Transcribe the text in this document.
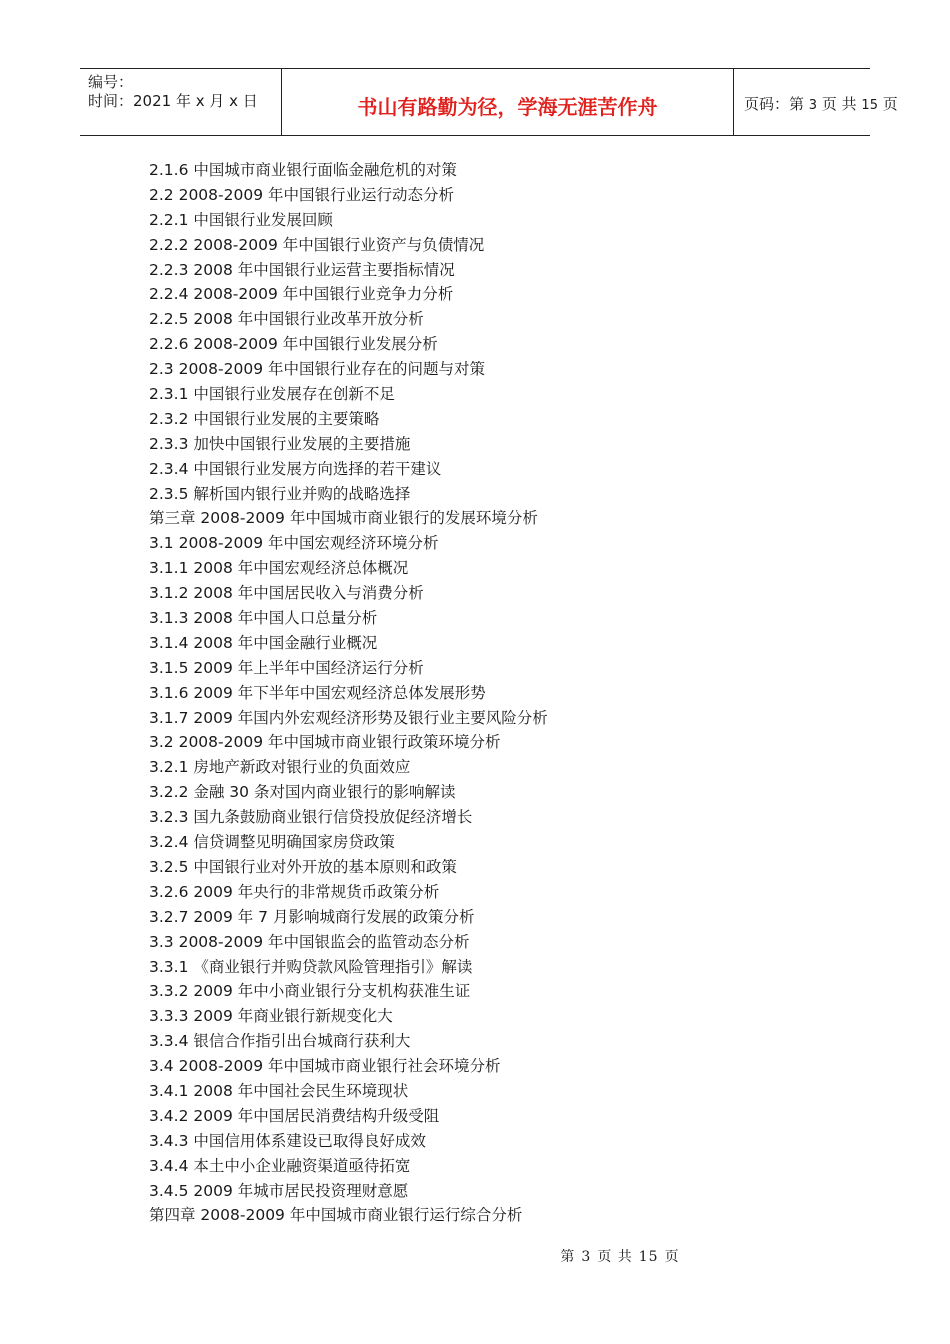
编号：
时间：2021 年 x 月 x 日	书山有路勤为径，学海无涯苦作舟	页码：第 3 页 共 15 页
2.1.6 中国城市商业银行面临金融危机的对策
2.2 2008-2009 年中国银行业运行动态分析
2.2.1 中国银行业发展回顾
2.2.2 2008-2009 年中国银行业资产与负债情况
2.2.3 2008 年中国银行业运营主要指标情况
2.2.4 2008-2009 年中国银行业竞争力分析
2.2.5 2008 年中国银行业改革开放分析
2.2.6 2008-2009 年中国银行业发展分析
2.3 2008-2009 年中国银行业存在的问题与对策
2.3.1 中国银行业发展存在创新不足
2.3.2 中国银行业发展的主要策略
2.3.3 加快中国银行业发展的主要措施
2.3.4 中国银行业发展方向选择的若干建议
2.3.5 解析国内银行业并购的战略选择
第三章 2008-2009 年中国城市商业银行的发展环境分析
3.1 2008-2009 年中国宏观经济环境分析
3.1.1 2008 年中国宏观经济总体概况
3.1.2 2008 年中国居民收入与消费分析
3.1.3 2008 年中国人口总量分析
3.1.4 2008 年中国金融行业概况
3.1.5 2009 年上半年中国经济运行分析
3.1.6 2009 年下半年中国宏观经济总体发展形势
3.1.7 2009 年国内外宏观经济形势及银行业主要风险分析
3.2 2008-2009 年中国城市商业银行政策环境分析
3.2.1 房地产新政对银行业的负面效应
3.2.2 金融 30 条对国内商业银行的影响解读
3.2.3 国九条鼓励商业银行信贷投放促经济增长
3.2.4 信贷调整见明确国家房贷政策
3.2.5 中国银行业对外开放的基本原则和政策
3.2.6 2009 年央行的非常规货币政策分析
3.2.7 2009 年 7 月影响城商行发展的政策分析
3.3 2008-2009 年中国银监会的监管动态分析
3.3.1 《商业银行并购贷款风险管理指引》解读
3.3.2 2009 年中小商业银行分支机构获准生证
3.3.3 2009 年商业银行新规变化大
3.3.4 银信合作指引出台城商行获利大
3.4 2008-2009 年中国城市商业银行社会环境分析
3.4.1 2008 年中国社会民生环境现状
3.4.2 2009 年中国居民消费结构升级受阻
3.4.3 中国信用体系建设已取得良好成效
3.4.4 本土中小企业融资渠道亟待拓宽
3.4.5 2009 年城市居民投资理财意愿
第四章 2008-2009 年中国城市商业银行运行综合分析
第 3 页 共 15 页
